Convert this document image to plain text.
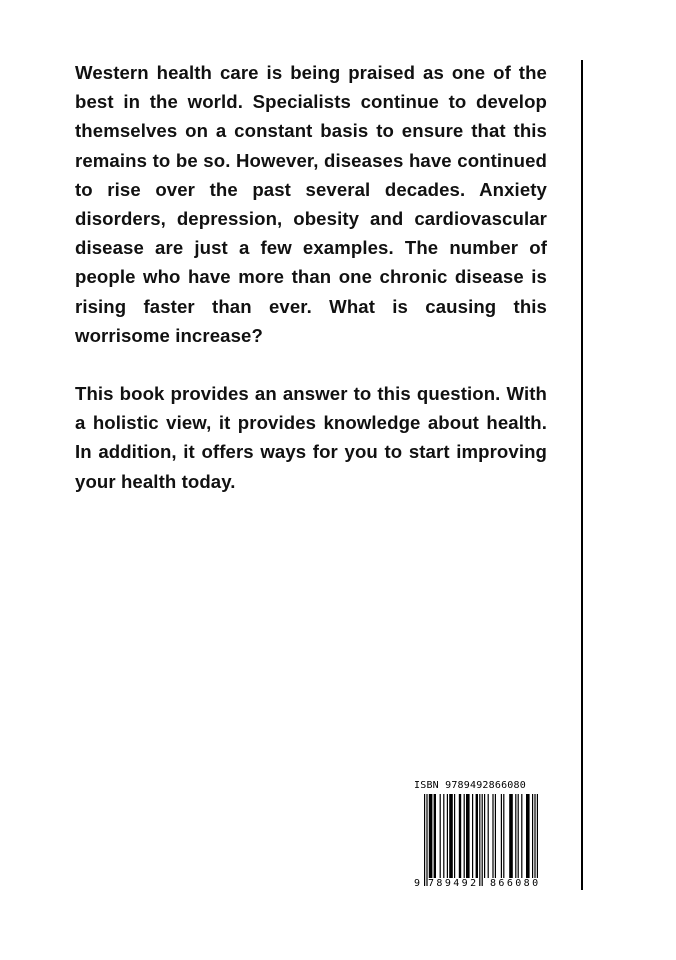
Western health care is being praised as one of the best in the world. Specialists continue to develop themselves on a constant basis to ensure that this remains to be so. However, diseases have continued to rise over the past several decades. Anxiety disorders, depression, obesity and cardiovascular disease are just a few examples. The number of people who have more than one chronic disease is rising faster than ever. What is causing this worrisome increase?

This book provides an answer to this question. With a holistic view, it provides knowledge about health. In addition, it offers ways for you to start improving your health today.

ISBN 9789492866080
9 789492 866080
